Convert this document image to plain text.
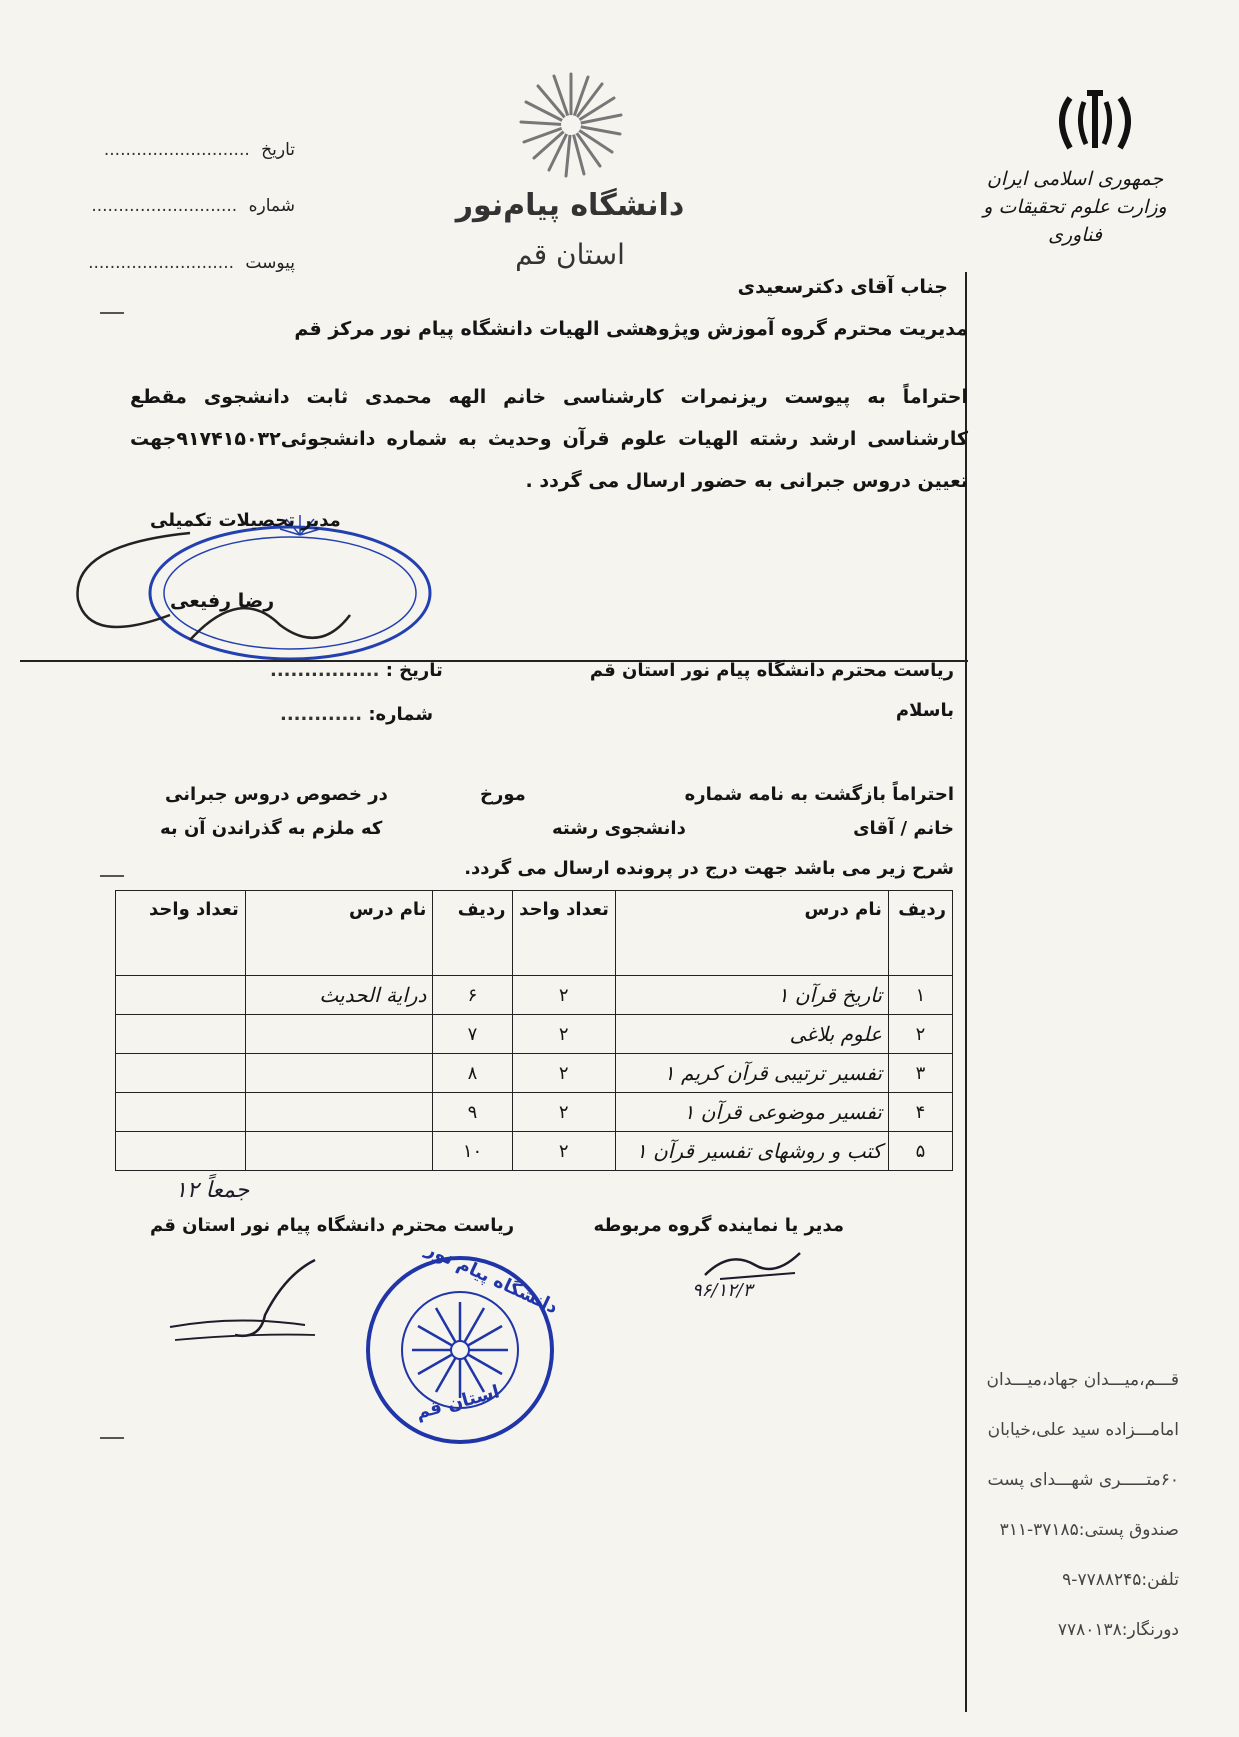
جمهوری اسلامی ایران
وزارت علوم تحقیقات و فناوری
دانشگاه پیام‌نور
استان قم
تاریخ ...........................
شماره ...........................
پیوست ...........................
جناب آقای دکترسعیدی
مدیریت محترم گروه آموزش وپژوهشی الهیات دانشگاه پیام نور مرکز قم
احتراماً به پیوست ریزنمرات کارشناسی خانم الهه محمدی ثابت دانشجوی مقطع کارشناسی ارشد رشته الهیات علوم قرآن وحدیث به شماره دانشجوئی۹۱۷۴۱۵۰۳۲جهت تعیین دروس جبرانی به حضور ارسال می گردد .
مدیر تحصیلات تکمیلی
رضا رفیعی
ریاست محترم دانشگاه پیام نور استان قم
باسلام
تاریخ : ................
شماره: ............
احتراماً بازگشت به نامه شماره
مورخ
در خصوص دروس جبرانی
خانم / آقای
دانشجوی رشته
که ملزم به گذراندن آن به
شرح زیر می باشد جهت درج در پرونده ارسال می گردد.
ردیف	نام درس	تعداد واحد	ردیف	نام درس	تعداد واحد
۱	تاریخ قرآن ۱	۲	۶	درایة الحدیث	
۲	علوم بلاغی	۲	۷		
۳	تفسیر ترتیبی قرآن کریم ۱	۲	۸		
۴	تفسیر موضوعی قرآن ۱	۲	۹		
۵	کتب و روشهای تفسیر قرآن ۱	۲	۱۰		
جمعاً ۱۲
مدیر یا نماینده گروه مربوطه
۹۶/۱۲/۳
ریاست محترم دانشگاه پیام نور استان قم
دانشگاه پیام نور
استان قم
قـــم،میـــدان جهاد،میـــدان
امامـــزاده سید علی،خیابان
۶۰متـــــری شهـــدای پست
صندوق پستی:۳۷۱۸۵-۳۱۱
تلفن:۷۷۸۸۲۴۵-۹
دورنگار:۷۷۸۰۱۳۸
